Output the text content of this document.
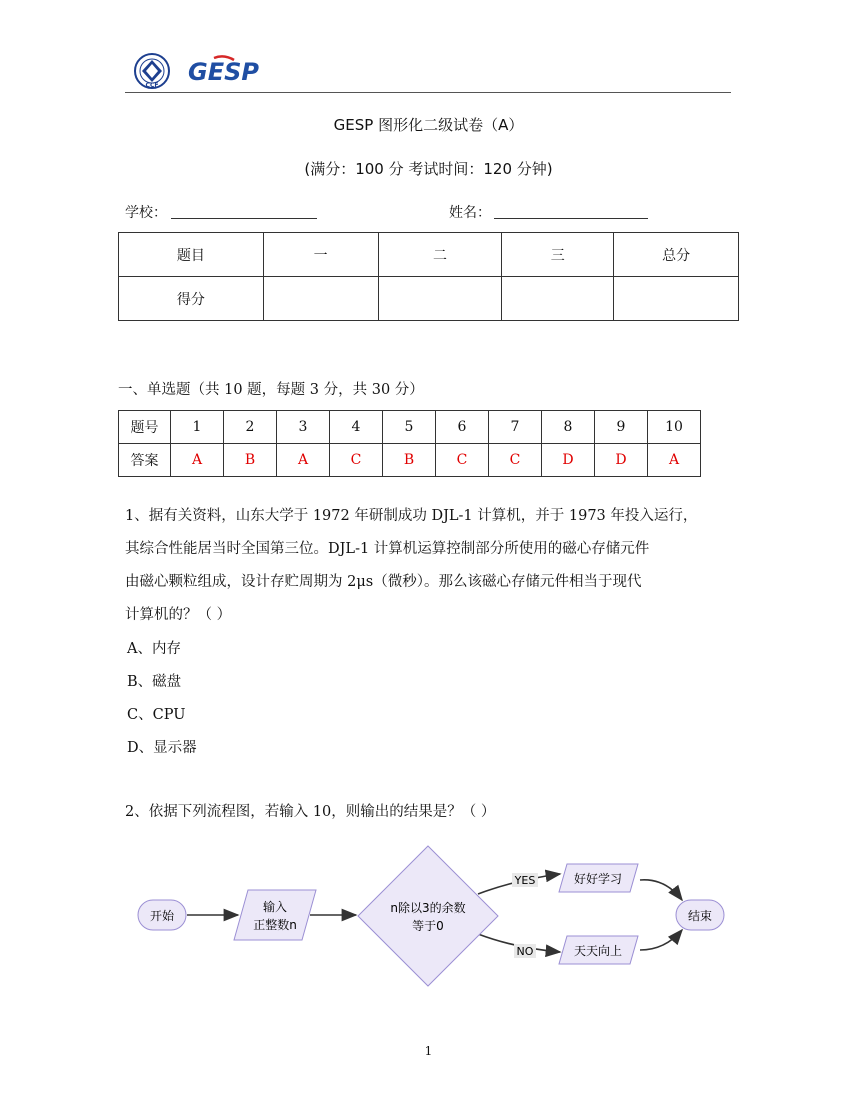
CCF GESP
GESP 图形化二级试卷（A）
(满分：100 分 考试时间：120 分钟)
学校：	姓名：
题目	一	二	三	总分
得分				
一、单选题（共 10 题，每题 3 分，共 30 分）
题号	1	2	3	4	5	6	7	8	9	10
答案	A	B	A	C	B	C	C	D	D	A
1、据有关资料，山东大学于 1972 年研制成功 DJL-1 计算机，并于 1973 年投入运行，
其综合性能居当时全国第三位。DJL-1 计算机运算控制部分所使用的磁心存储元件
由磁心颗粒组成，设计存贮周期为 2μs（微秒）。那么该磁心存储元件相当于现代
计算机的？（ ）
A、内存
B、磁盘
C、CPU
D、显示器
2、依据下列流程图，若输入 10，则输出的结果是？（ ）
开始
输入
正整数n
n除以3的余数
等于0
YES
NO
好好学习
天天向上
结束
1
